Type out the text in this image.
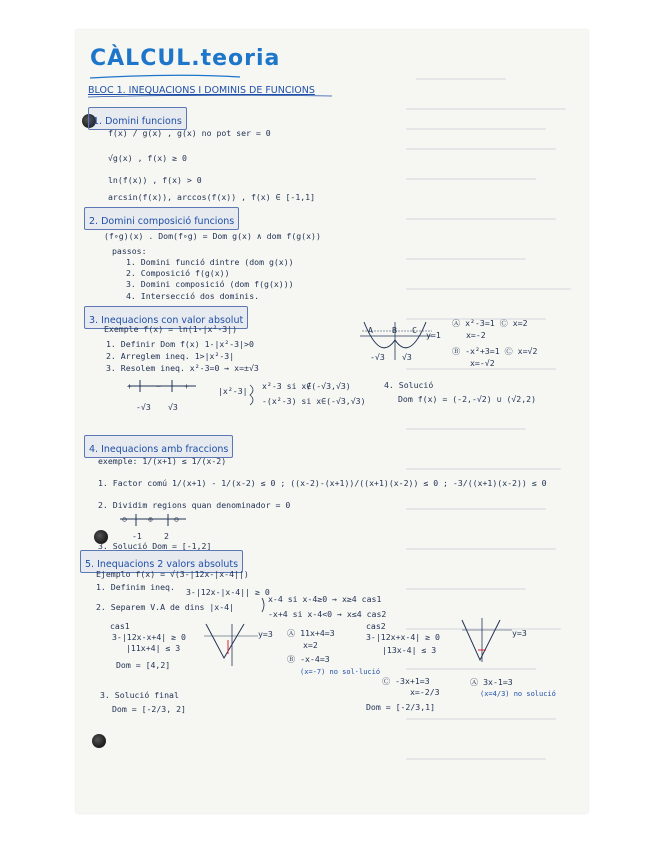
CÀLCUL.teoria
BLOC 1. INEQUACIONS I DOMINIS DE FUNCIONS
1. Domini funcions
f(x) / g(x) , g(x) no pot ser = 0
√g(x) , f(x) ≥ 0
ln(f(x)) , f(x) > 0
arcsin(f(x)), arccos(f(x)) , f(x) ∈ [-1,1]
2. Domini composició funcions
(f∘g)(x) . Dom(f∘g) = Dom g(x) ∧ dom f(g(x))
passos:
1. Domini funció dintre (dom g(x))
2. Composició f(g(x))
3. Domini composició (dom f(g(x)))
4. Intersecció dos dominis.
3. Inequacions con valor absolut
Exemple f(x) = ln(1-|x²-3|)
1. Definir Dom f(x) 1-|x²-3|>0
2. Arreglem ineq. 1>|x²-3|
3. Resolem ineq. x²-3=0 → x=±√3
+	−	+
-√3 √3
|x²-3| x²-3 si x∉(-√3,√3)
-(x²-3) si x∈(-√3,√3)
A B C y=1
-√3 √3
Ⓐ x²-3=1 Ⓒ x=2
x=-2
Ⓑ -x²+3=1 Ⓒ x=√2
x=-√2
4. Solució
Dom f(x) = (-2,-√2) ∪ (√2,2)
4. Inequacions amb fraccions
exemple: 1/(x+1) ≤ 1/(x-2)
1. Factor comú 1/(x+1) - 1/(x-2) ≤ 0 ; ((x-2)-(x+1))/((x+1)(x-2)) ≤ 0 ; -3/((x+1)(x-2)) ≤ 0
2. Dividim regions quan denominador = 0
⊖	⊕	⊖
-1	2
3. Solució Dom = [-1,2]
5. Inequacions 2 valors absoluts
Ejemplo f(x) = √(3-|12x-|x-4||)
1. Definim ineq. 3-|12x-|x-4|| ≥ 0
2. Separem V.A de dins |x-4|
x-4 si x-4≥0 → x≥4 cas1
-x+4 si x-4<0 → x≤4 cas2
cas1
3-|12x-x+4| ≥ 0
|11x+4| ≤ 3
Dom = [4,2]
y=3 Ⓐ 11x+4=3
x=2
Ⓑ -x-4=3
(x=-7) no sol·lució
cas2
3-|12x+x-4| ≥ 0
|13x-4| ≤ 3
y=3
Ⓐ 3x-1=3
(x=4/3) no solució
Ⓒ -3x+1=3
x=-2/3
Dom = [-2/3,1]
3. Solució final
Dom = [-2/3, 2]
